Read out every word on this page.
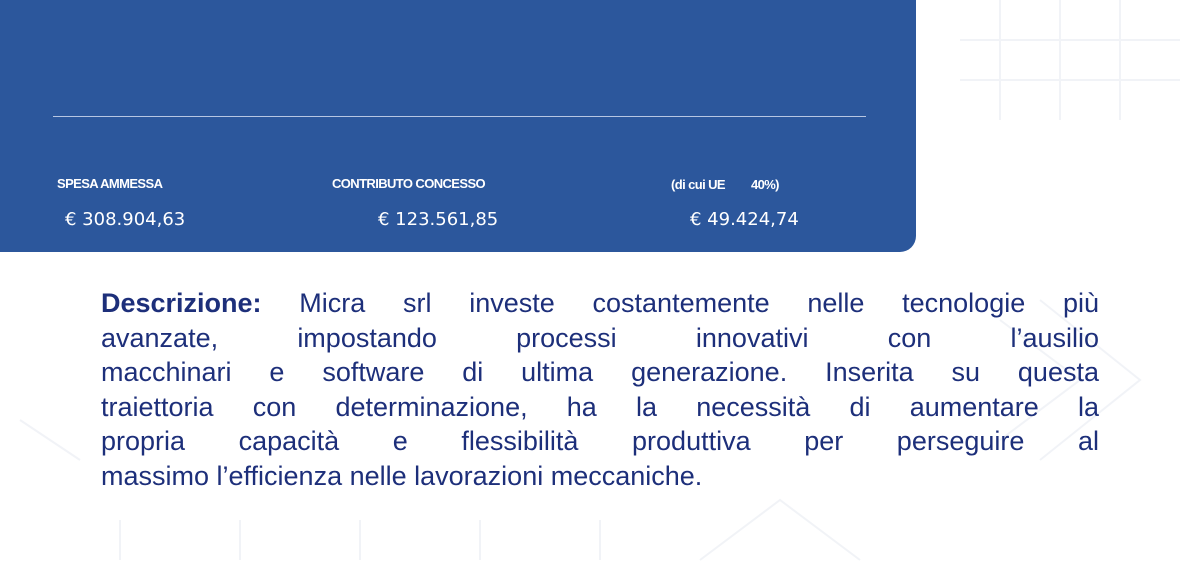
SPESA AMMESSA	CONTRIBUTO CONCESSO	(di cui UE 40%)
€ 308.904,63	€ 123.561,85	€ 49.424,74

Descrizione: Micra srl investe costantemente nelle tecnologie più
avanzate, impostando processi innovativi con l’ausilio
macchinari e software di ultima generazione. Inserita su questa
traiettoria con determinazione, ha la necessità di aumentare la
propria capacità e flessibilità produttiva per perseguire al
massimo l’efficienza nelle lavorazioni meccaniche.
